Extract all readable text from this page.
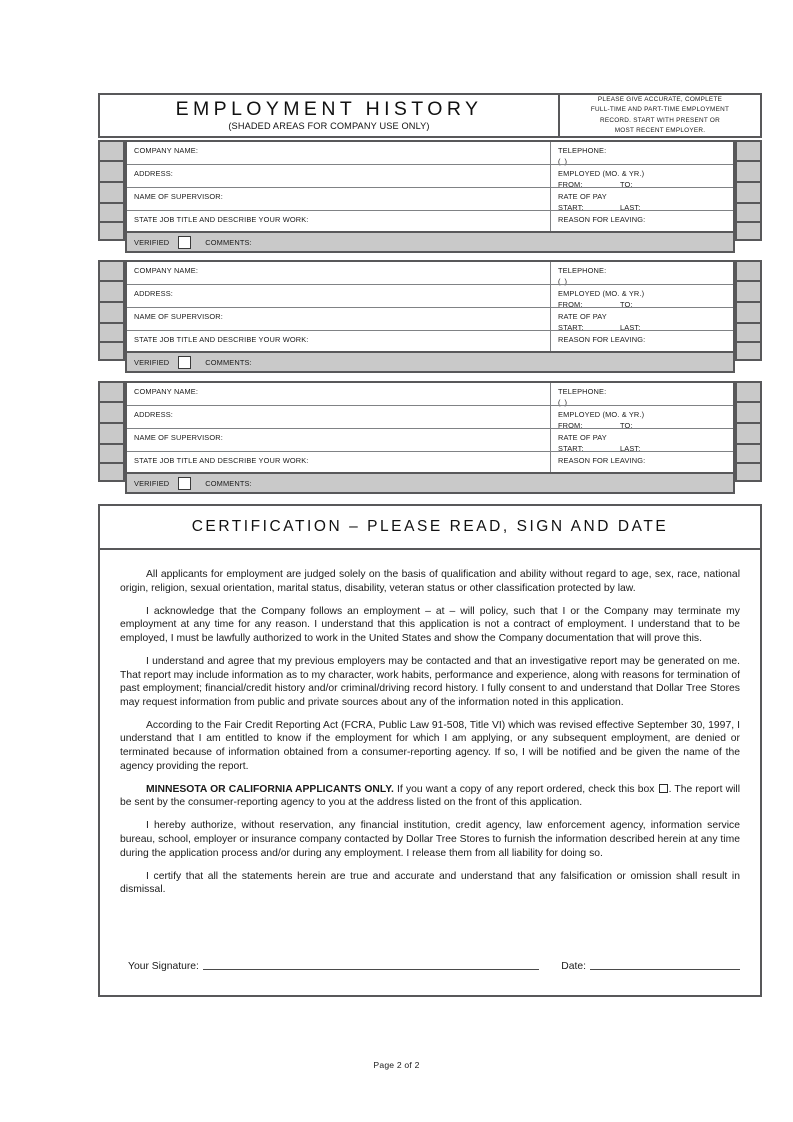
EMPLOYMENT HISTORY
(SHADED AREAS FOR COMPANY USE ONLY)
PLEASE GIVE ACCURATE, COMPLETE
FULL-TIME AND PART-TIME EMPLOYMENT
RECORD. START WITH PRESENT OR
MOST RECENT EMPLOYER.
COMPANY NAME:	TELEPHONE:
( )
ADDRESS:	EMPLOYED (MO. & YR.)
FROM:	TO:
NAME OF SUPERVISOR:	RATE OF PAY
START:	LAST:
STATE JOB TITLE AND DESCRIBE YOUR WORK:	REASON FOR LEAVING:
VERIFIED	COMMENTS:
COMPANY NAME:	TELEPHONE:
( )
ADDRESS:	EMPLOYED (MO. & YR.)
FROM:	TO:
NAME OF SUPERVISOR:	RATE OF PAY
START:	LAST:
STATE JOB TITLE AND DESCRIBE YOUR WORK:	REASON FOR LEAVING:
VERIFIED	COMMENTS:
COMPANY NAME:	TELEPHONE:
( )
ADDRESS:	EMPLOYED (MO. & YR.)
FROM:	TO:
NAME OF SUPERVISOR:	RATE OF PAY
START:	LAST:
STATE JOB TITLE AND DESCRIBE YOUR WORK:	REASON FOR LEAVING:
VERIFIED	COMMENTS:
CERTIFICATION – PLEASE READ, SIGN AND DATE

All applicants for employment are judged solely on the basis of qualification and ability without regard to age, sex, race, national origin, religion, sexual orientation, marital status, disability, veteran status or other classification protected by law.

I acknowledge that the Company follows an employment – at – will policy, such that I or the Company may terminate my employment at any time for any reason. I understand that this application is not a contract of employment. I understand that to be employed, I must be lawfully authorized to work in the United States and show the Company documentation that will prove this.

I understand and agree that my previous employers may be contacted and that an investigative report may be generated on me. That report may include information as to my character, work habits, performance and experience, along with reasons for termination of past employment; financial/credit history and/or criminal/driving record history. I fully consent to and understand that Dollar Tree Stores may request information from public and private sources about any of the information noted in this application.

According to the Fair Credit Reporting Act (FCRA, Public Law 91-508, Title VI) which was revised effective September 30, 1997, I understand that I am entitled to know if the employment for which I am applying, or any subsequent employment, are denied or terminated because of information obtained from a consumer-reporting agency. If so, I will be notified and be given the name of the agency providing the report.

MINNESOTA OR CALIFORNIA APPLICANTS ONLY. If you want a copy of any report ordered, check this box . The report will be sent by the consumer-reporting agency to you at the address listed on the front of this application.

I hereby authorize, without reservation, any financial institution, credit agency, law enforcement agency, information service bureau, school, employer or insurance company contacted by Dollar Tree Stores to furnish the information described herein at any time during the application process and/or during any employment. I release them from all liability for doing so.

I certify that all the statements herein are true and accurate and understand that any falsification or omission shall result in dismissal.

Your Signature:	Date:
Page 2 of 2
